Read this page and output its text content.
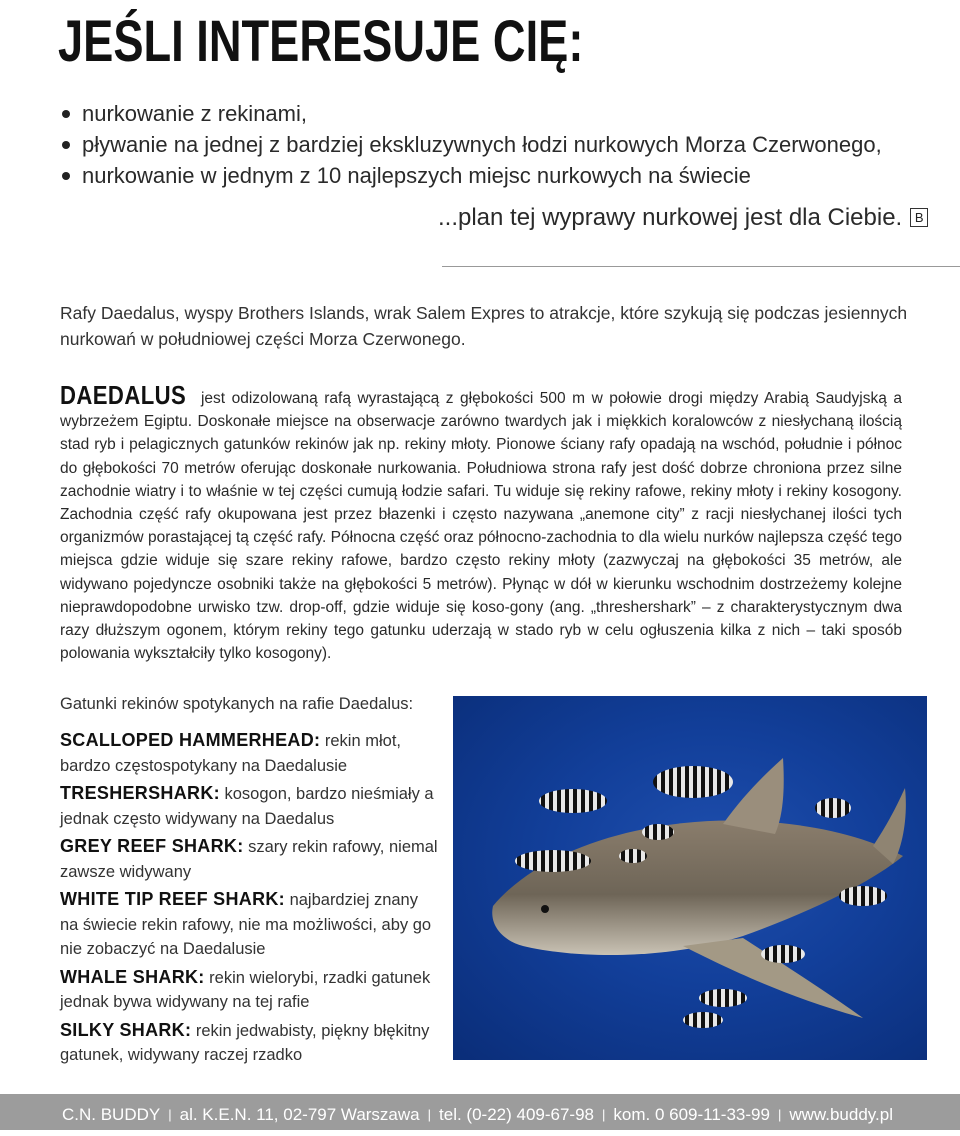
JEŚLI INTERESUJE CIĘ:
nurkowanie z rekinami,
pływanie na jednej z bardziej ekskluzywnych łodzi nurkowych Morza Czerwonego,
nurkowanie w jednym z 10 najlepszych miejsc nurkowych na świecie
...plan tej wyprawy nurkowej jest dla Ciebie. B

Rafy Daedalus, wyspy Brothers Islands, wrak Salem Expres to atrakcje, które szykują się podczas jesiennych nurkowań w południowej części Morza Czerwonego.

DAEDALUS jest odizolowaną rafą wyrastającą z głębokości 500 m w połowie drogi między Arabią Saudyjską a wybrzeżem Egiptu. Doskonałe miejsce na obserwacje zarówno twardych jak i miękkich koralowców z niesłychaną ilością stad ryb i pelagicznych gatunków rekinów jak np. rekiny młoty. Pionowe ściany rafy opadają na wschód, południe i północ do głębokości 70 metrów oferując doskonałe nurkowania. Południowa strona rafy jest dość dobrze chroniona przez silne zachodnie wiatry i to właśnie w tej części cumują łodzie safari. Tu widuje się rekiny rafowe, rekiny młoty i rekiny kosogony. Zachodnia część rafy okupowana jest przez błazenki i często nazywana „anemone city” z racji niesłychanej ilości tych organizmów porastającej tą część rafy. Północna część oraz północno-zachodnia to dla wielu nurków najlepsza część tego miejsca gdzie widuje się szare rekiny rafowe, bardzo często rekiny młoty (zazwyczaj na głębokości 35 metrów, ale widywano pojedyncze osobniki także na głębokości 5 metrów). Płynąc w dół w kierunku wschodnim dostrzeżemy kolejne nieprawdopodobne urwisko tzw. drop-off, gdzie widuje się koso-gony (ang. „threshershark” – z charakterystycznym dwa razy dłuższym ogonem, którym rekiny tego gatunku uderzają w stado ryb w celu ogłuszenia kilka z nich – taki sposób polowania wykształciły tylko kosogony).

Gatunki rekinów spotykanych na rafie Daedalus:

SCALLOPED HAMMERHEAD: rekin młot, bardzo częstospotykany na Daedalusie
TRESHERSHARK: kosogon, bardzo nieśmiały a jednak często widywany na Daedalus
GREY REEF SHARK: szary rekin rafowy, niemal zawsze widywany
WHITE TIP REEF SHARK: najbardziej znany na świecie rekin rafowy, nie ma możliwości, aby go nie zobaczyć na Daedalusie
WHALE SHARK: rekin wielorybi, rzadki gatunek jednak bywa widywany na tej rafie
SILKY SHARK: rekin jedwabisty, piękny błękitny gatunek, widywany raczej rzadko
C.N. BUDDY | al. K.E.N. 11, 02-797 Warszawa | tel. (0-22) 409-67-98 | kom. 0 609-11-33-99 | www.buddy.pl
